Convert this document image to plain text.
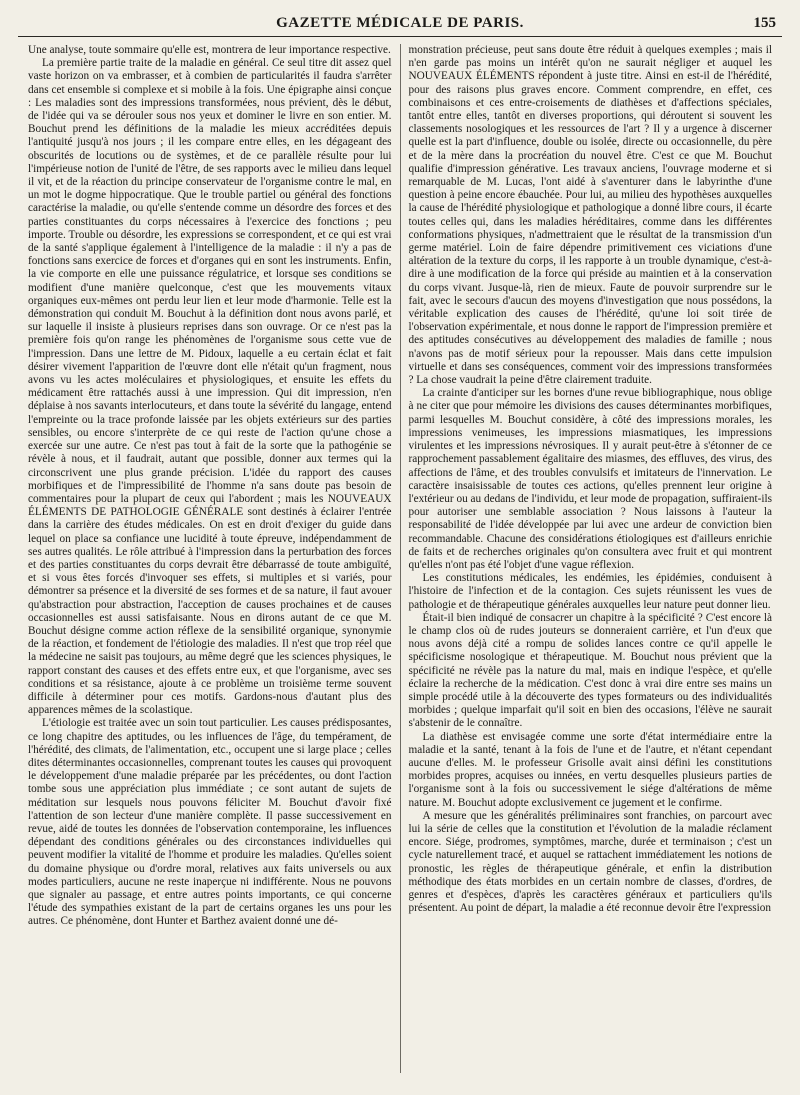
GAZETTE MÉDICALE DE PARIS.	155

Une analyse, toute sommaire qu'elle est, montrera de leur importance respective.

La première partie traite de la maladie en général. Ce seul titre dit assez quel vaste horizon on va embrasser, et à combien de particularités il faudra s'arrêter dans cet ensemble si complexe et si mobile à la fois. Une épigraphe ainsi conçue : Les maladies sont des impressions transformées, nous prévient, dès le début, de l'idée qui va se dérouler sous nos yeux et dominer le livre en son entier. M. Bouchut prend les définitions de la maladie les mieux accréditées depuis l'antiquité jusqu'à nos jours ; il les compare entre elles, en les dégageant des obscurités de locutions ou de systèmes, et de ce parallèle résulte pour lui l'impérieuse notion de l'unité de l'être, de ses rapports avec le milieu dans lequel il vit, et de la réaction du principe conservateur de l'organisme contre le mal, en un mot le dogme hippocratique. Que le trouble partiel ou général des fonctions caractérise la maladie, ou qu'elle s'entende comme un désordre des forces et des parties constituantes du corps nécessaires à l'exercice des fonctions ; peu importe. Trouble ou désordre, les expressions se correspondent, et ce qui est vrai de la santé s'applique également à l'intelligence de la maladie : il n'y a pas de fonctions sans exercice de forces et d'organes qui en sont les instruments. Enfin, la vie comporte en elle une puissance régulatrice, et lorsque ses conditions se modifient d'une manière quelconque, c'est que les mouvements vitaux organiques eux-mêmes ont perdu leur lien et leur mode d'harmonie. Telle est la démonstration qui conduit M. Bouchut à la définition dont nous avons parlé, et sur laquelle il insiste à plusieurs reprises dans son ouvrage. Or ce n'est pas la première fois qu'on range les phénomènes de l'organisme sous cette vue de l'impression. Dans une lettre de M. Pidoux, laquelle a eu certain éclat et fait désirer vivement l'apparition de l'œuvre dont elle n'était qu'un fragment, nous avons vu les actes moléculaires et physiologiques, et ensuite les effets du médicament être rattachés aussi à une impression. Qui dit impression, n'en déplaise à nos savants interlocuteurs, et dans toute la sévérité du langage, entend l'empreinte ou la trace profonde laissée par les objets extérieurs sur des parties sensibles, ou encore s'interprète de ce qui reste de l'action qu'une chose a exercée sur une autre. Ce n'est pas tout à fait de la sorte que la pathogénie se révèle à nous, et il faudrait, autant que possible, donner aux termes qui la circonscrivent une plus grande précision. L'idée du rapport des causes morbifiques et de l'impressibilité de l'homme n'a sans doute pas besoin de commentaires pour la plupart de ceux qui l'abordent ; mais les NOUVEAUX ÉLÉMENTS DE PATHOLOGIE GÉNÉRALE sont destinés à éclairer l'entrée dans la carrière des études médicales. On est en droit d'exiger du guide dans lequel on place sa confiance une lucidité à toute épreuve, indépendamment de ses autres qualités. Le rôle attribué à l'impression dans la perturbation des forces et des parties constituantes du corps devrait être débarrassé de toute ambiguïté, et si vous êtes forcés d'invoquer ses effets, si multiples et si variés, pour démontrer sa présence et la diversité de ses formes et de sa nature, il faut avouer qu'abstraction pour abstraction, l'acception de causes prochaines et de causes occasionnelles est aussi satisfaisante. Nous en dirons autant de ce que M. Bouchut désigne comme action réflexe de la sensibilité organique, synonymie de la réaction, et fondement de l'étiologie des maladies. Il n'est que trop réel que la médecine ne saisit pas toujours, au même degré que les sciences physiques, le rapport constant des causes et des effets entre eux, et que l'organisme, avec ses conditions et sa résistance, ajoute à ce problème un troisième terme souvent difficile à déterminer pour ces motifs. Gardons-nous d'autant plus des apparences mêmes de la scolastique.

L'étiologie est traitée avec un soin tout particulier. Les causes prédisposantes, ce long chapitre des aptitudes, ou les influences de l'âge, du tempérament, de l'hérédité, des climats, de l'alimentation, etc., occupent une si large place ; celles dites déterminantes occasionnelles, comprenant toutes les causes qui provoquent le développement d'une maladie préparée par les précédentes, ou dont l'action tombe sous une appréciation plus immédiate ; ce sont autant de sujets de méditation sur lesquels nous pouvons féliciter M. Bouchut d'avoir fixé l'attention de son lecteur d'une manière complète. Il passe successivement en revue, aidé de toutes les données de l'observation contemporaine, les influences dépendant des conditions générales ou des circonstances individuelles qui peuvent modifier la vitalité de l'homme et produire les maladies. Qu'elles soient du domaine physique ou d'ordre moral, relatives aux faits universels ou aux modes particuliers, aucune ne reste inaperçue ni indifférente. Nous ne pouvons que signaler au passage, et entre autres points importants, ce qui concerne l'étude des sympathies existant de la part de certains organes les uns pour les autres. Ce phénomène, dont Hunter et Barthez avaient donné une dé-

monstration précieuse, peut sans doute être réduit à quelques exemples ; mais il n'en garde pas moins un intérêt qu'on ne saurait négliger et auquel les NOUVEAUX ÉLÉMENTS répondent à juste titre. Ainsi en est-il de l'hérédité, pour des raisons plus graves encore. Comment comprendre, en effet, ces combinaisons et ces entre-croisements de diathèses et d'affections spéciales, tantôt entre elles, tantôt en diverses proportions, qui déroutent si souvent les classements nosologiques et les ressources de l'art ? Il y a urgence à discerner quelle est la part d'influence, double ou isolée, directe ou occasionnelle, du père et de la mère dans la procréation du nouvel être. C'est ce que M. Bouchut qualifie d'impression générative. Les travaux anciens, l'ouvrage moderne et si remarquable de M. Lucas, l'ont aidé à s'aventurer dans le labyrinthe d'une question à peine encore ébauchée. Pour lui, au milieu des hypothèses auxquelles la cause de l'hérédité physiologique et pathologique a donné libre cours, il écarte toutes celles qui, dans les maladies héréditaires, comme dans les différentes conformations physiques, n'admettraient que le résultat de la transmission d'un germe matériel. Loin de faire dépendre primitivement ces viciations d'une altération de la texture du corps, il les rapporte à un trouble dynamique, c'est-à-dire à une modification de la force qui préside au maintien et à la conservation du corps vivant. Jusque-là, rien de mieux. Faute de pouvoir surprendre sur le fait, avec le secours d'aucun des moyens d'investigation que nous possédons, la véritable explication des causes de l'hérédité, qu'une loi soit tirée de l'observation expérimentale, et nous donne le rapport de l'impression première et des aptitudes consécutives au développement des maladies de famille ; nous n'avons pas de motif sérieux pour la repousser. Mais dans cette impulsion virtuelle et dans ses conséquences, comment voir des impressions transformées ? La chose vaudrait la peine d'être clairement traduite.

La crainte d'anticiper sur les bornes d'une revue bibliographique, nous oblige à ne citer que pour mémoire les divisions des causes déterminantes morbifiques, parmi lesquelles M. Bouchut considère, à côté des impressions morales, les impressions venimeuses, les impressions miasmatiques, les impressions virulentes et les impressions névrosiques. Il y aurait peut-être à s'étonner de ce rapprochement passablement égalitaire des miasmes, des effluves, des virus, des affections de l'âme, et des troubles convulsifs et imitateurs de l'innervation. Le caractère insaisissable de toutes ces actions, qu'elles prennent leur origine à l'extérieur ou au dedans de l'individu, et leur mode de propagation, suffiraient-ils pour autoriser une semblable association ? Nous laissons à l'auteur la responsabilité de l'idée développée par lui avec une ardeur de conviction bien recommandable. Chacune des considérations étiologiques est d'ailleurs enrichie de faits et de recherches originales qu'on consultera avec fruit et qui montrent qu'elles n'ont pas été l'objet d'une vague réflexion.

Les constitutions médicales, les endémies, les épidémies, conduisent à l'histoire de l'infection et de la contagion. Ces sujets réunissent les vues de pathologie et de thérapeutique générales auxquelles leur nature peut donner lieu.

Était-il bien indiqué de consacrer un chapitre à la spécificité ? C'est encore là le champ clos où de rudes jouteurs se donneraient carrière, et l'un d'eux que nous avons déjà cité a rompu de solides lances contre ce qu'il appelle le spécificisme nosologique et thérapeutique. M. Bouchut nous prévient que la spécificité ne révèle pas la nature du mal, mais en indique l'espèce, et qu'elle éclaire la recherche de la médication. C'est donc à vrai dire entre ses mains un simple procédé utile à la découverte des types formateurs ou des individualités morbides ; quelque imparfait qu'il soit en bien des occasions, l'élève ne saurait s'abstenir de le connaître.

La diathèse est envisagée comme une sorte d'état intermédiaire entre la maladie et la santé, tenant à la fois de l'une et de l'autre, et n'étant cependant aucune d'elles. M. le professeur Grisolle avait ainsi défini les constitutions morbides propres, acquises ou innées, en vertu desquelles plusieurs parties de l'organisme sont à la fois ou successivement le siége d'altérations de même nature. M. Bouchut adopte exclusivement ce jugement et le confirme.

A mesure que les généralités préliminaires sont franchies, on parcourt avec lui la série de celles que la constitution et l'évolution de la maladie réclament encore. Siége, prodromes, symptômes, marche, durée et terminaison ; c'est un cycle naturellement tracé, et auquel se rattachent immédiatement les notions de pronostic, les règles de thérapeutique générale, et enfin la distribution méthodique des états morbides en un certain nombre de classes, d'ordres, de genres et d'espèces, d'après les caractères généraux et particuliers qu'ils présentent. Au point de départ, la maladie a été reconnue devoir être l'expression
